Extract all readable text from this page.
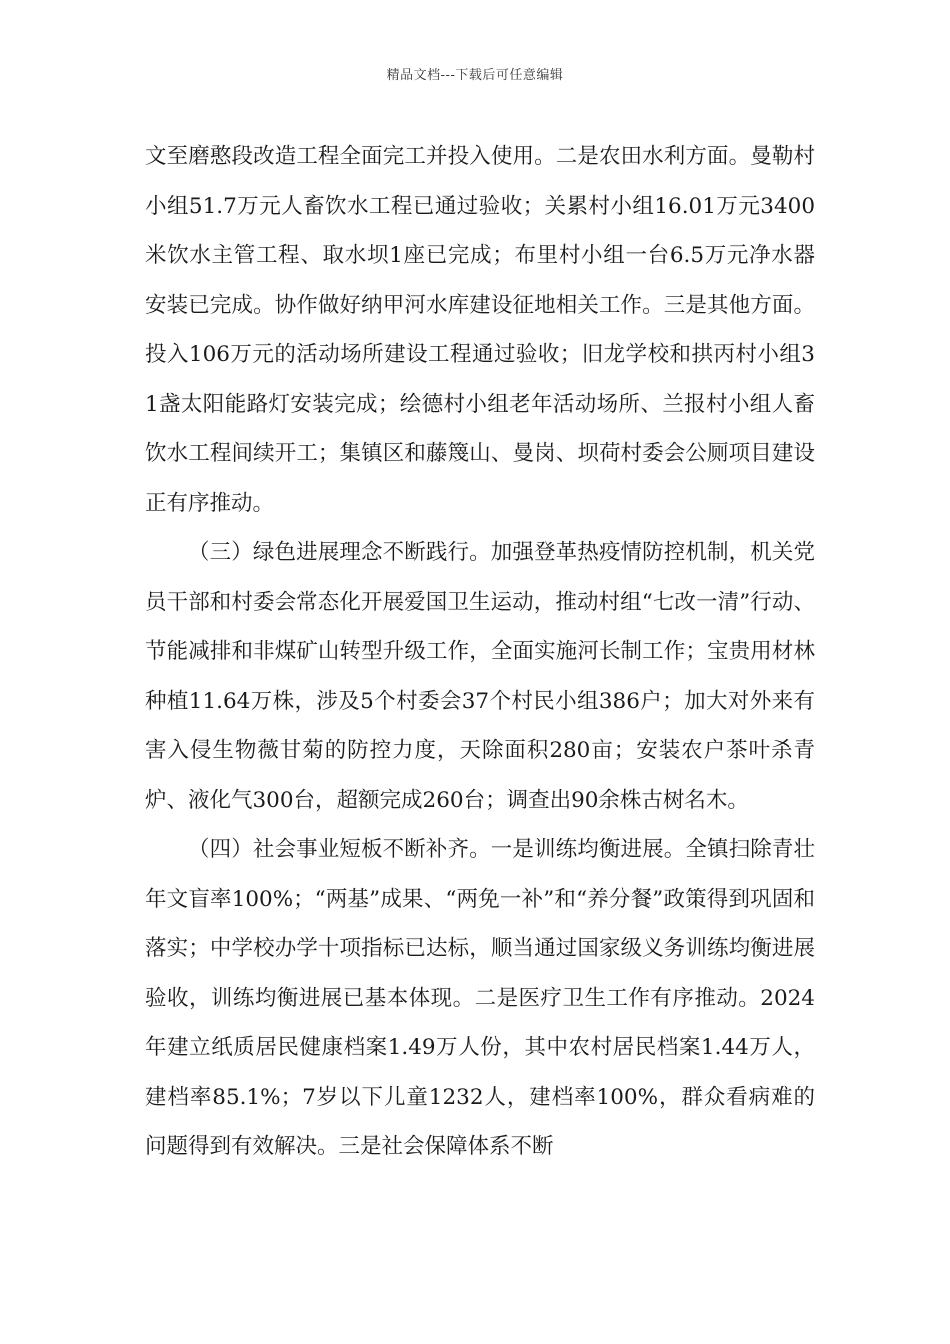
精品文档---下载后可任意编辑

文至磨憨段改造工程全面完工并投入使用。二是农田水利方面。曼勒村小组51.7万元人畜饮水工程已通过验收；关累村小组16.01万元3400米饮水主管工程、取水坝1座已完成；布里村小组一台6.5万元净水器安装已完成。协作做好纳甲河水库建设征地相关工作。三是其他方面。投入106万元的活动场所建设工程通过验收；旧龙学校和拱丙村小组31盏太阳能路灯安装完成；绘德村小组老年活动场所、兰报村小组人畜饮水工程间续开工；集镇区和藤篾山、曼岗、坝荷村委会公厕项目建设正有序推动。

（三）绿色进展理念不断践行。加强登革热疫情防控机制，机关党员干部和村委会常态化开展爱国卫生运动，推动村组“七改一清”行动、节能减排和非煤矿山转型升级工作，全面实施河长制工作；宝贵用材林种植11.64万株，涉及5个村委会37个村民小组386户；加大对外来有害入侵生物薇甘菊的防控力度，天除面积280亩；安装农户茶叶杀青炉、液化气300台，超额完成260台；调查出90余株古树名木。

（四）社会事业短板不断补齐。一是训练均衡进展。全镇扫除青壮年文盲率100%；“两基”成果、“两免一补”和“养分餐”政策得到巩固和落实；中学校办学十项指标已达标，顺当通过国家级义务训练均衡进展验收，训练均衡进展已基本体现。二是医疗卫生工作有序推动。2024年建立纸质居民健康档案1.49万人份，其中农村居民档案1.44万人，建档率85.1%；7岁以下儿童1232人，建档率100%，群众看病难的问题得到有效解决。三是社会保障体系不断
